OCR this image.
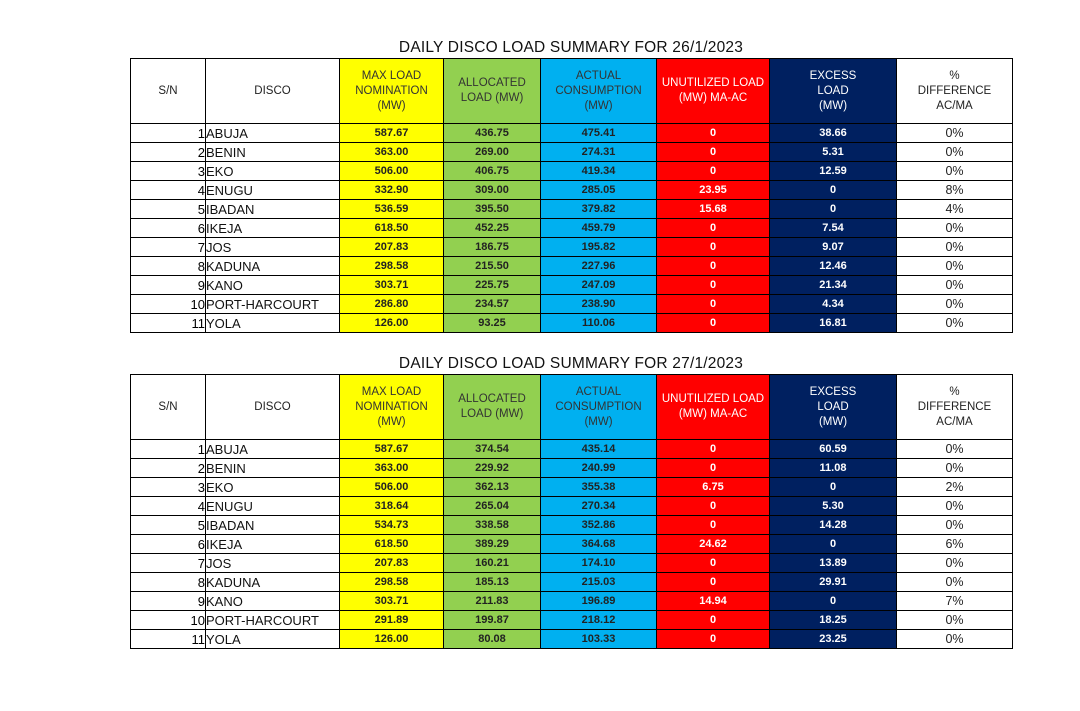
DAILY DISCO LOAD SUMMARY FOR 26/1/2023
S/N	DISCO	MAX LOAD
NOMINATION
(MW)	ALLOCATED
LOAD (MW)	ACTUAL
CONSUMPTION
(MW)	UNUTILIZED LOAD
(MW) MA-AC	EXCESS
LOAD
(MW)	%
DIFFERENCE
AC/MA
1	ABUJA	587.67	436.75	475.41	0	38.66	0%
2	BENIN	363.00	269.00	274.31	0	5.31	0%
3	EKO	506.00	406.75	419.34	0	12.59	0%
4	ENUGU	332.90	309.00	285.05	23.95	0	8%
5	IBADAN	536.59	395.50	379.82	15.68	0	4%
6	IKEJA	618.50	452.25	459.79	0	7.54	0%
7	JOS	207.83	186.75	195.82	0	9.07	0%
8	KADUNA	298.58	215.50	227.96	0	12.46	0%
9	KANO	303.71	225.75	247.09	0	21.34	0%
10	PORT-HARCOURT	286.80	234.57	238.90	0	4.34	0%
11	YOLA	126.00	93.25	110.06	0	16.81	0%
DAILY DISCO LOAD SUMMARY FOR 27/1/2023
S/N	DISCO	MAX LOAD
NOMINATION
(MW)	ALLOCATED
LOAD (MW)	ACTUAL
CONSUMPTION
(MW)	UNUTILIZED LOAD
(MW) MA-AC	EXCESS
LOAD
(MW)	%
DIFFERENCE
AC/MA
1	ABUJA	587.67	374.54	435.14	0	60.59	0%
2	BENIN	363.00	229.92	240.99	0	11.08	0%
3	EKO	506.00	362.13	355.38	6.75	0	2%
4	ENUGU	318.64	265.04	270.34	0	5.30	0%
5	IBADAN	534.73	338.58	352.86	0	14.28	0%
6	IKEJA	618.50	389.29	364.68	24.62	0	6%
7	JOS	207.83	160.21	174.10	0	13.89	0%
8	KADUNA	298.58	185.13	215.03	0	29.91	0%
9	KANO	303.71	211.83	196.89	14.94	0	7%
10	PORT-HARCOURT	291.89	199.87	218.12	0	18.25	0%
11	YOLA	126.00	80.08	103.33	0	23.25	0%
